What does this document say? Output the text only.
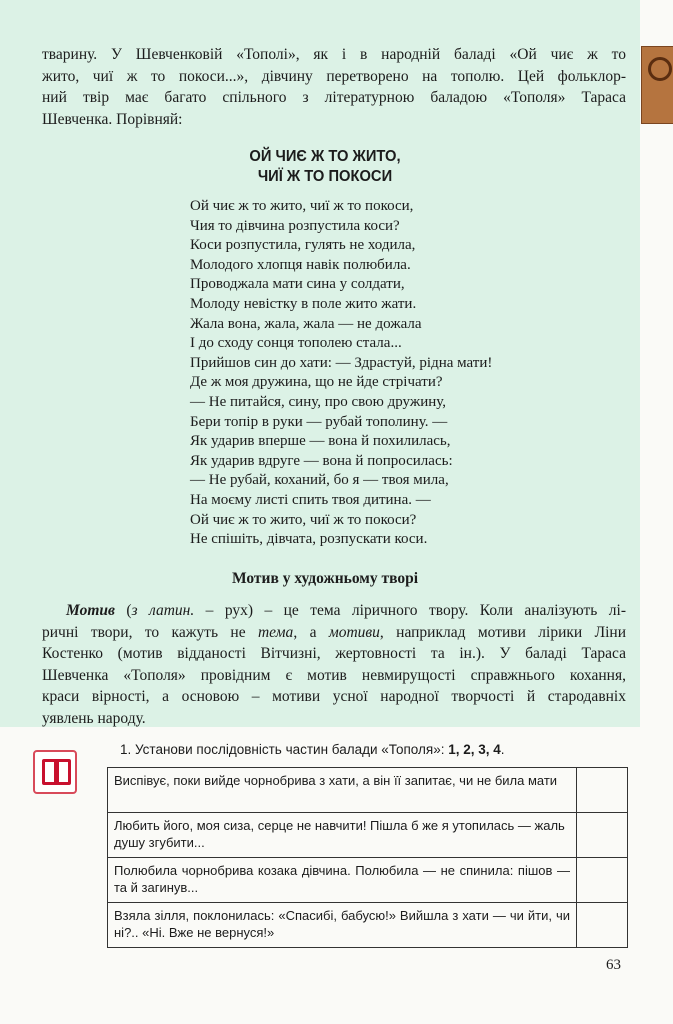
тварину. У Шевченковій «Тополі», як і в народній баладі «Ой чиє ж то
жито, чиї ж то покоси...», дівчину перетворено на тополю. Цей фольклор-
ний твір має багато спільного з літературною баладою «Тополя» Тараса
Шевченка. Порівняй:
ОЙ ЧИЄ Ж ТО ЖИТО,
ЧИЇ Ж ТО ПОКОСИ
Ой чиє ж то жито, чиї ж то покоси,
Чия то дівчина розпустила коси?
Коси розпустила, гулять не ходила,
Молодого хлопця навік полюбила.
Проводжала мати сина у солдати,
Молоду невістку в поле жито жати.
Жала вона, жала, жала — не дожала
І до сходу сонця тополею стала...
Прийшов син до хати: — Здрастуй, рідна мати!
Де ж моя дружина, що не йде стрічати?
— Не питайся, сину, про свою дружину,
Бери топір в руки — рубай тополину. —
Як ударив вперше — вона й похилилась,
Як ударив вдруге — вона й попросилась:
— Не рубай, коханий, бо я — твоя мила,
На моєму листі спить твоя дитина. —
Ой чиє ж то жито, чиї ж то покоси?
Не спішіть, дівчата, розпускати коси.
Мотив у художньому творі
Мотив (з латин. – рух) – це тема ліричного твору. Коли аналізують лі-
ричні твори, то кажуть не тема, а мотиви, наприклад мотиви лірики Ліни
Костенко (мотив відданості Вітчизні, жертовності та ін.). У баладі Тараса
Шевченка «Тополя» провідним є мотив невмирущості справжнього кохання,
краси вірності, а основою – мотиви усної народної творчості й стародавніх
уявлень народу.
1. Установи послідовність частин балади «Тополя»: 1, 2, 3, 4.
Виспівує, поки вийде чорнобрива з хати, а він її запитає, чи не била мати	
Любить його, моя сиза, серце не навчити! Пішла б же я утопилась — жаль душу згубити...	
Полюбила чорнобрива козака дівчина. Полюбила — не спинила: пішов — та й загинув...	
Взяла зілля, поклонилась: «Спасибі, бабусю!» Вийшла з хати — чи йти, чи ні?.. «Ні. Вже не вернуся!»	
63
